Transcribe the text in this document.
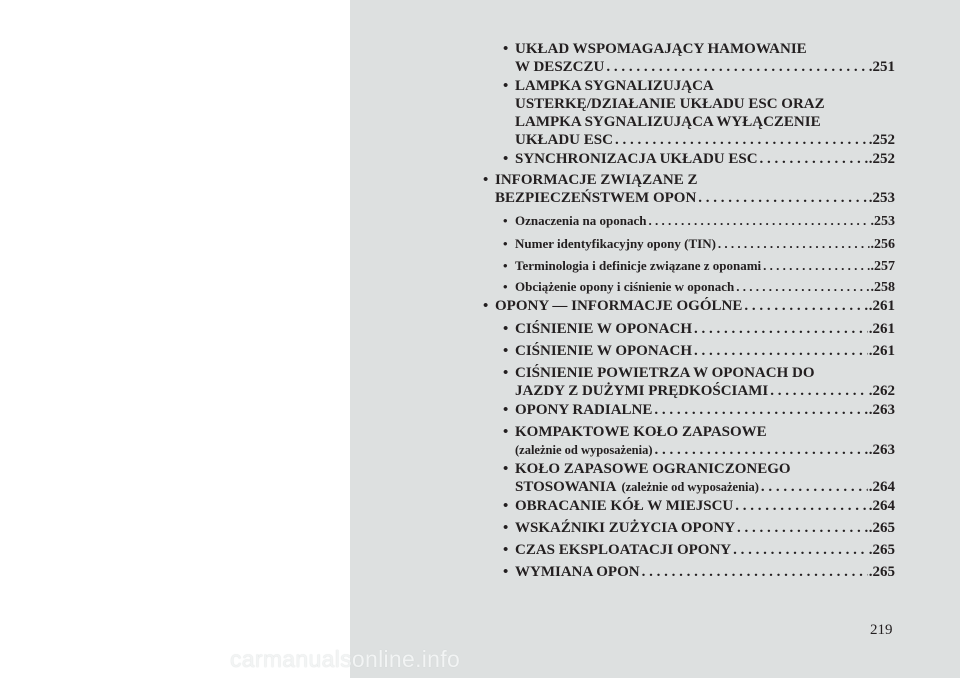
• UKŁAD WSPOMAGAJĄCY HAMOWANIE
W DESZCZU . . .	.251
• LAMPKA SYGNALIZUJĄCA
USTERKĘ/DZIAŁANIE UKŁADU ESC ORAZ
LAMPKA SYGNALIZUJĄCA WYŁĄCZENIE
UKŁADU ESC . . .	.252
• SYNCHRONIZACJA UKŁADU ESC . . .	.252
• INFORMACJE ZWIĄZANE Z
BEZPIECZEŃSTWEM OPON . . .	.253
• Oznaczenia na oponach . . .	.253
• Numer identyfikacyjny opony (TIN) . . .	.256
• Terminologia i definicje związane z oponami . . .	.257
• Obciążenie opony i ciśnienie w oponach . . .	.258
• OPONY — INFORMACJE OGÓLNE . . .	.261
• CIŚNIENIE W OPONACH . . .	.261
• CIŚNIENIE W OPONACH . . .	.261
• CIŚNIENIE POWIETRZA W OPONACH DO
JAZDY Z DUŻYMI PRĘDKOŚCIAMI . . .	.262
• OPONY RADIALNE . . .	.263
• KOMPAKTOWE KOŁO ZAPASOWE
(zależnie od wyposażenia) . . .	.263
• KOŁO ZAPASOWE OGRANICZONEGO
STOSOWANIA (zależnie od wyposażenia) . . .	.264
• OBRACANIE KÓŁ W MIEJSCU . . .	.264
• WSKAŹNIKI ZUŻYCIA OPONY . . .	.265
• CZAS EKSPLOATACJI OPONY . . .	.265
• WYMIANA OPON . . .	.265
219
carmanualsonline.info
